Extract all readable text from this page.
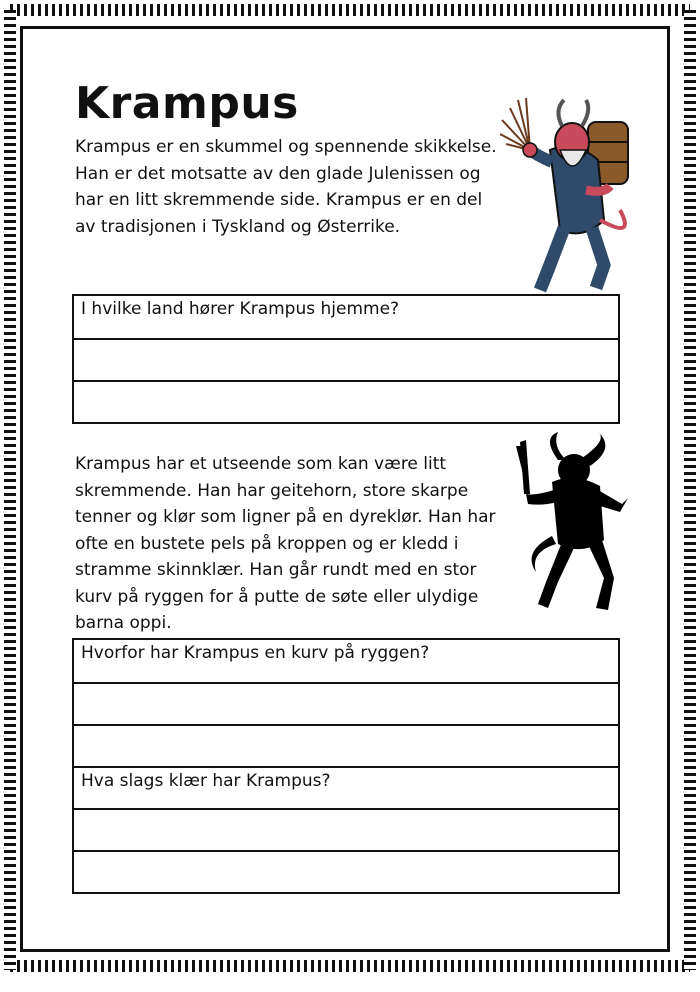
Krampus

Krampus er en skummel og spennende skikkelse. Han er det motsatte av den glade Julenissen og har en litt skremmende side. Krampus er en del av tradisjonen i Tyskland og Østerrike.

I hvilke land hører Krampus hjemme?

Krampus har et utseende som kan være litt skremmende. Han har geitehorn, store skarpe tenner og klør som ligner på en dyreklør. Han har ofte en bustete pels på kroppen og er kledd i stramme skinnklær. Han går rundt med en stor kurv på ryggen for å putte de søte eller ulydige barna oppi.

Hvorfor har Krampus en kurv på ryggen?
Hva slags klær har Krampus?
